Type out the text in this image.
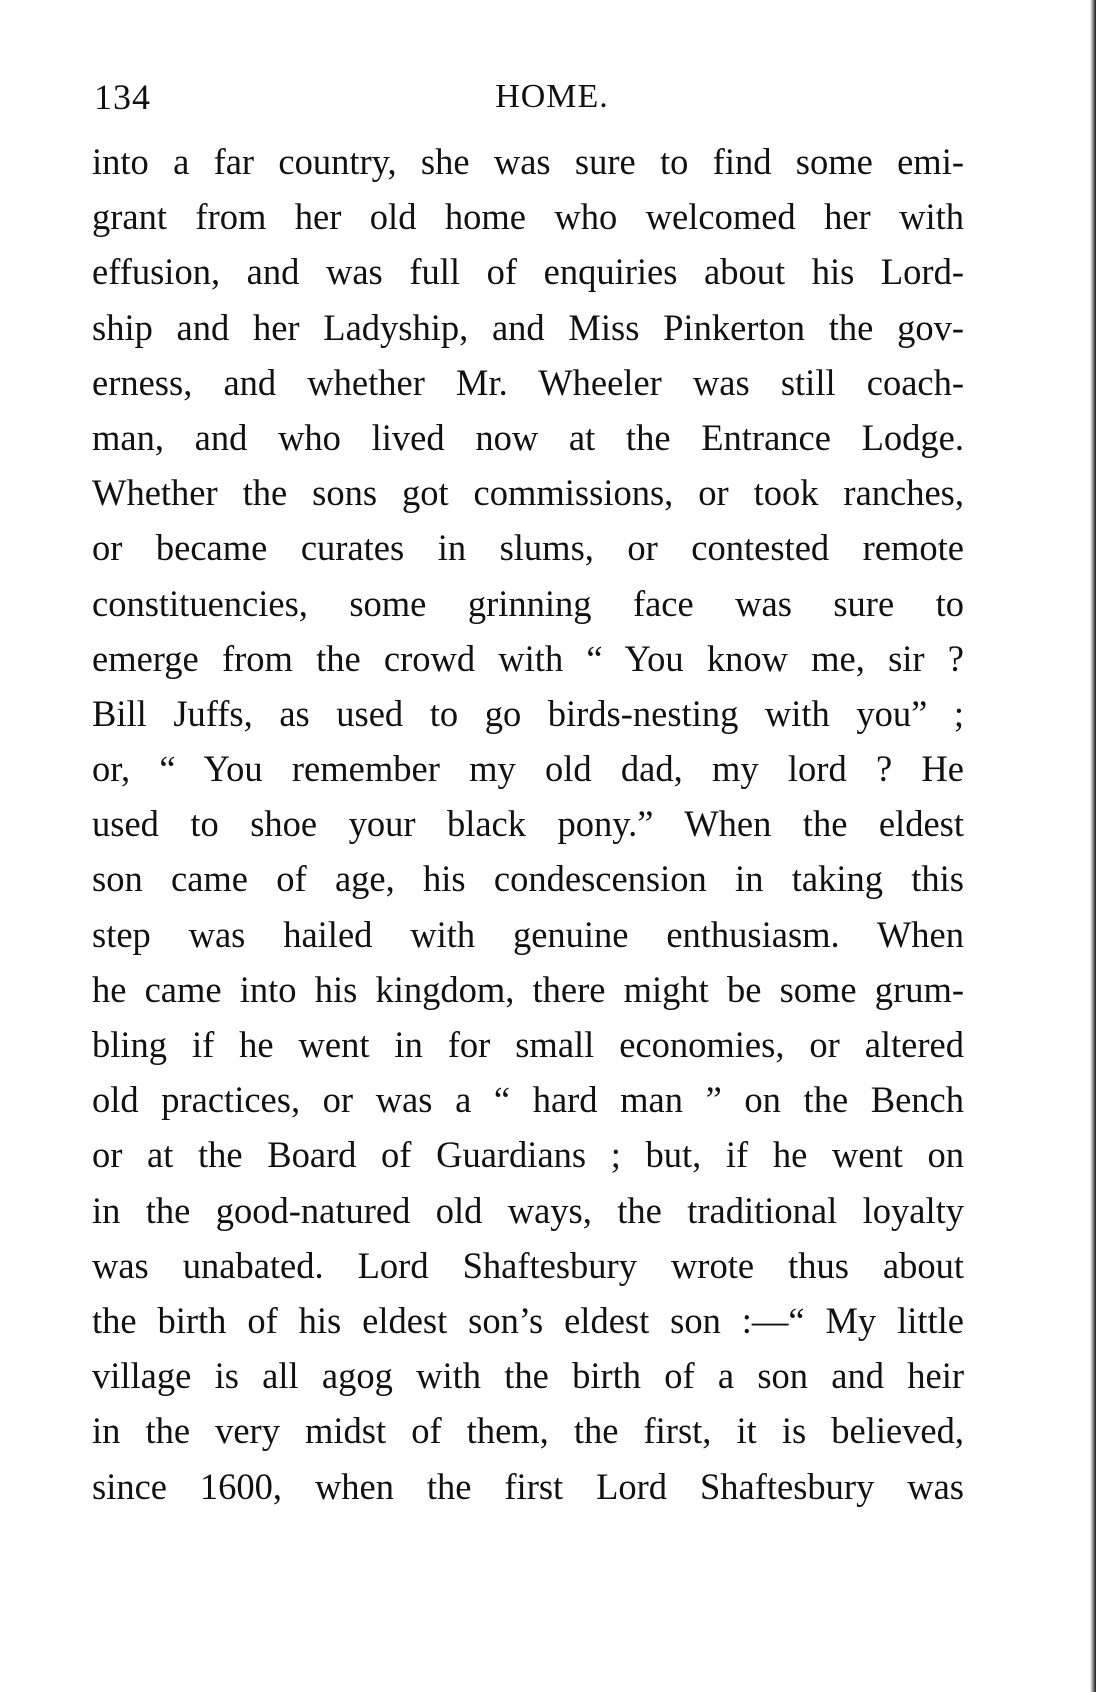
134	HOME.
into a far country, she was sure to find some emi-
grant from her old home who welcomed her with
effusion, and was full of enquiries about his Lord-
ship and her Ladyship, and Miss Pinkerton the gov-
erness, and whether Mr. Wheeler was still coach-
man, and who lived now at the Entrance Lodge.
Whether the sons got commissions, or took ranches,
or became curates in slums, or contested remote
constituencies, some grinning face was sure to
emerge from the crowd with “ You know me, sir ?
Bill Juffs, as used to go birds-nesting with you” ;
or, “ You remember my old dad, my lord ? He
used to shoe your black pony.” When the eldest
son came of age, his condescension in taking this
step was hailed with genuine enthusiasm. When
he came into his kingdom, there might be some grum-
bling if he went in for small economies, or altered
old practices, or was a “ hard man ” on the Bench
or at the Board of Guardians ; but, if he went on
in the good-natured old ways, the traditional loyalty
was unabated. Lord Shaftesbury wrote thus about
the birth of his eldest son’s eldest son :—“ My little
village is all agog with the birth of a son and heir
in the very midst of them, the first, it is believed,
since 1600, when the first Lord Shaftesbury was
